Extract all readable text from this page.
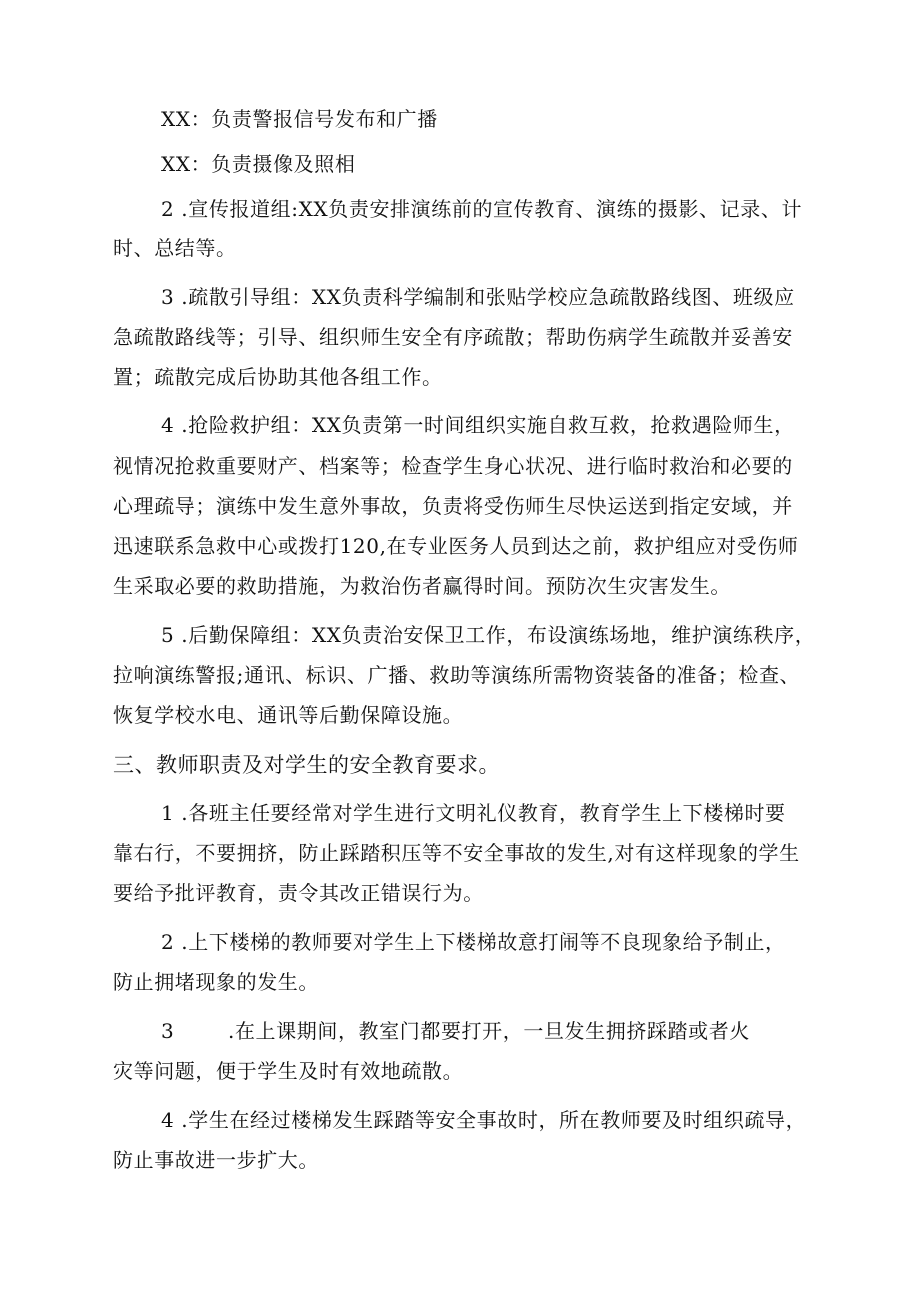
XX：负责警报信号发布和广播
XX：负责摄像及照相
2 .宣传报道组:XX负责安排演练前的宣传教育、演练的摄影、记录、计
时、总结等。
3 .疏散引导组：XX负责科学编制和张贴学校应急疏散路线图、班级应
急疏散路线等；引导、组织师生安全有序疏散；帮助伤病学生疏散并妥善安
置；疏散完成后协助其他各组工作。
4 .抢险救护组：XX负责第一时间组织实施自救互救，抢救遇险师生，
视情况抢救重要财产、档案等；检查学生身心状况、进行临时救治和必要的
心理疏导；演练中发生意外事故，负责将受伤师生尽快运送到指定安域，并
迅速联系急救中心或拨打120,在专业医务人员到达之前，救护组应对受伤师
生采取必要的救助措施，为救治伤者赢得时间。预防次生灾害发生。
5 .后勤保障组：XX负责治安保卫工作，布设演练场地，维护演练秩序，
拉响演练警报;通讯、标识、广播、救助等演练所需物资装备的准备；检查、
恢复学校水电、通讯等后勤保障设施。
三、教师职责及对学生的安全教育要求。
1 .各班主任要经常对学生进行文明礼仪教育，教育学生上下楼梯时要
靠右行，不要拥挤，防止踩踏积压等不安全事故的发生,对有这样现象的学生
要给予批评教育，责令其改正错误行为。
2 .上下楼梯的教师要对学生上下楼梯故意打闹等不良现象给予制止，
防止拥堵现象的发生。
3	.在上课期间，教室门都要打开，一旦发生拥挤踩踏或者火
灾等问题，便于学生及时有效地疏散。
4 .学生在经过楼梯发生踩踏等安全事故时，所在教师要及时组织疏导，
防止事故进一步扩大。
